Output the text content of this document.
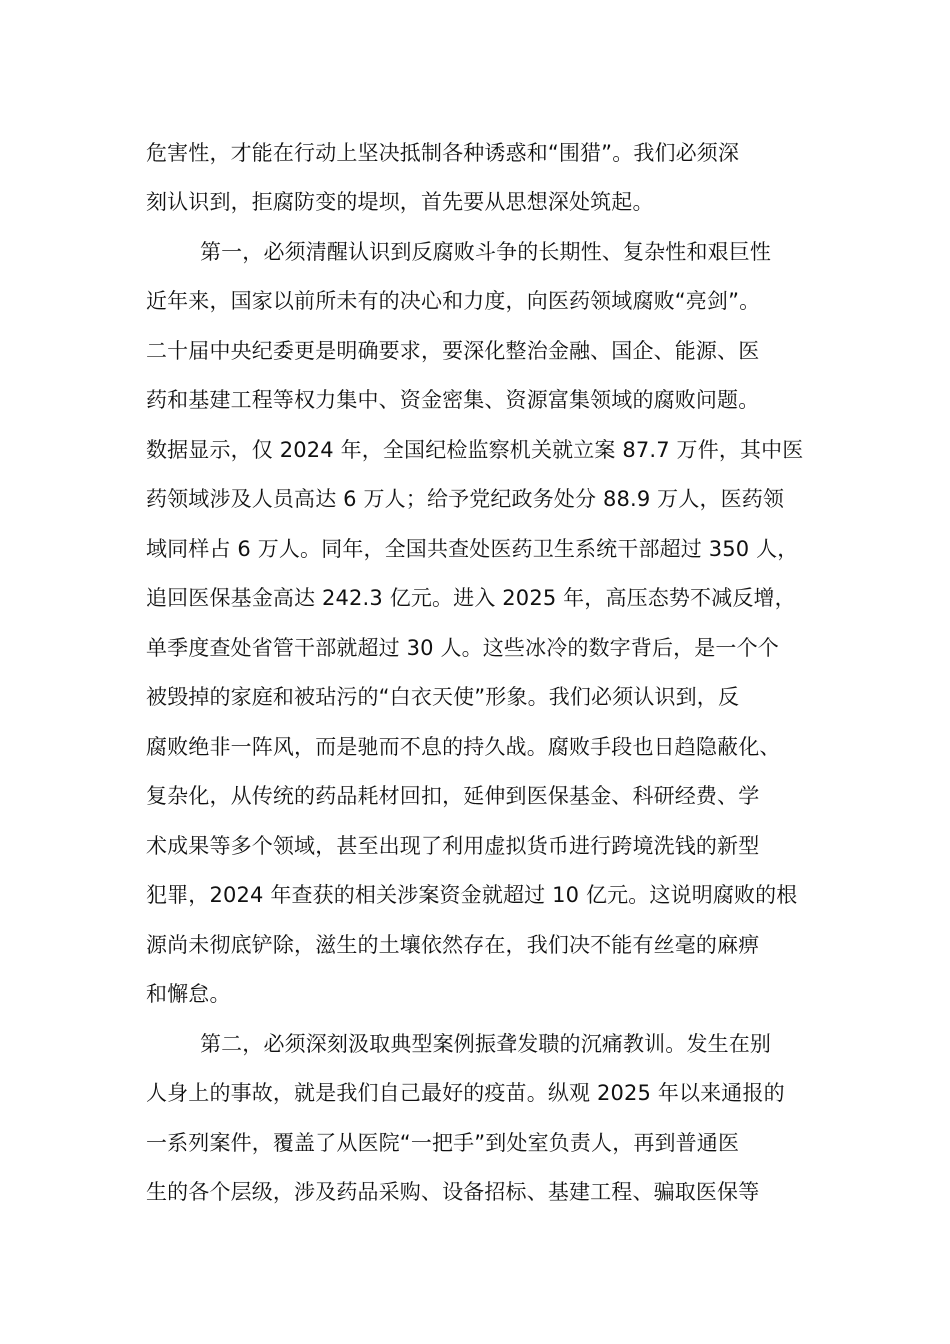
危害性，才能在行动上坚决抵制各种诱惑和“围猎”。我们必须深
刻认识到，拒腐防变的堤坝，首先要从思想深处筑起。
第一，必须清醒认识到反腐败斗争的长期性、复杂性和艰巨性
近年来，国家以前所未有的决心和力度，向医药领域腐败“亮剑”。
二十届中央纪委更是明确要求，要深化整治金融、国企、能源、医
药和基建工程等权力集中、资金密集、资源富集领域的腐败问题。
数据显示，仅 2024 年，全国纪检监察机关就立案 87.7 万件，其中医
药领域涉及人员高达 6 万人；给予党纪政务处分 88.9 万人，医药领
域同样占 6 万人。同年，全国共查处医药卫生系统干部超过 350 人，
追回医保基金高达 242.3 亿元。进入 2025 年，高压态势不减反增，
单季度查处省管干部就超过 30 人。这些冰冷的数字背后，是一个个
被毁掉的家庭和被玷污的“白衣天使”形象。我们必须认识到，反
腐败绝非一阵风，而是驰而不息的持久战。腐败手段也日趋隐蔽化、
复杂化，从传统的药品耗材回扣，延伸到医保基金、科研经费、学
术成果等多个领域，甚至出现了利用虚拟货币进行跨境洗钱的新型
犯罪，2024 年查获的相关涉案资金就超过 10 亿元。这说明腐败的根
源尚未彻底铲除，滋生的土壤依然存在，我们决不能有丝毫的麻痹
和懈怠。
第二，必须深刻汲取典型案例振聋发聩的沉痛教训。发生在别
人身上的事故，就是我们自己最好的疫苗。纵观 2025 年以来通报的
一系列案件，覆盖了从医院“一把手”到处室负责人，再到普通医
生的各个层级，涉及药品采购、设备招标、基建工程、骗取医保等
